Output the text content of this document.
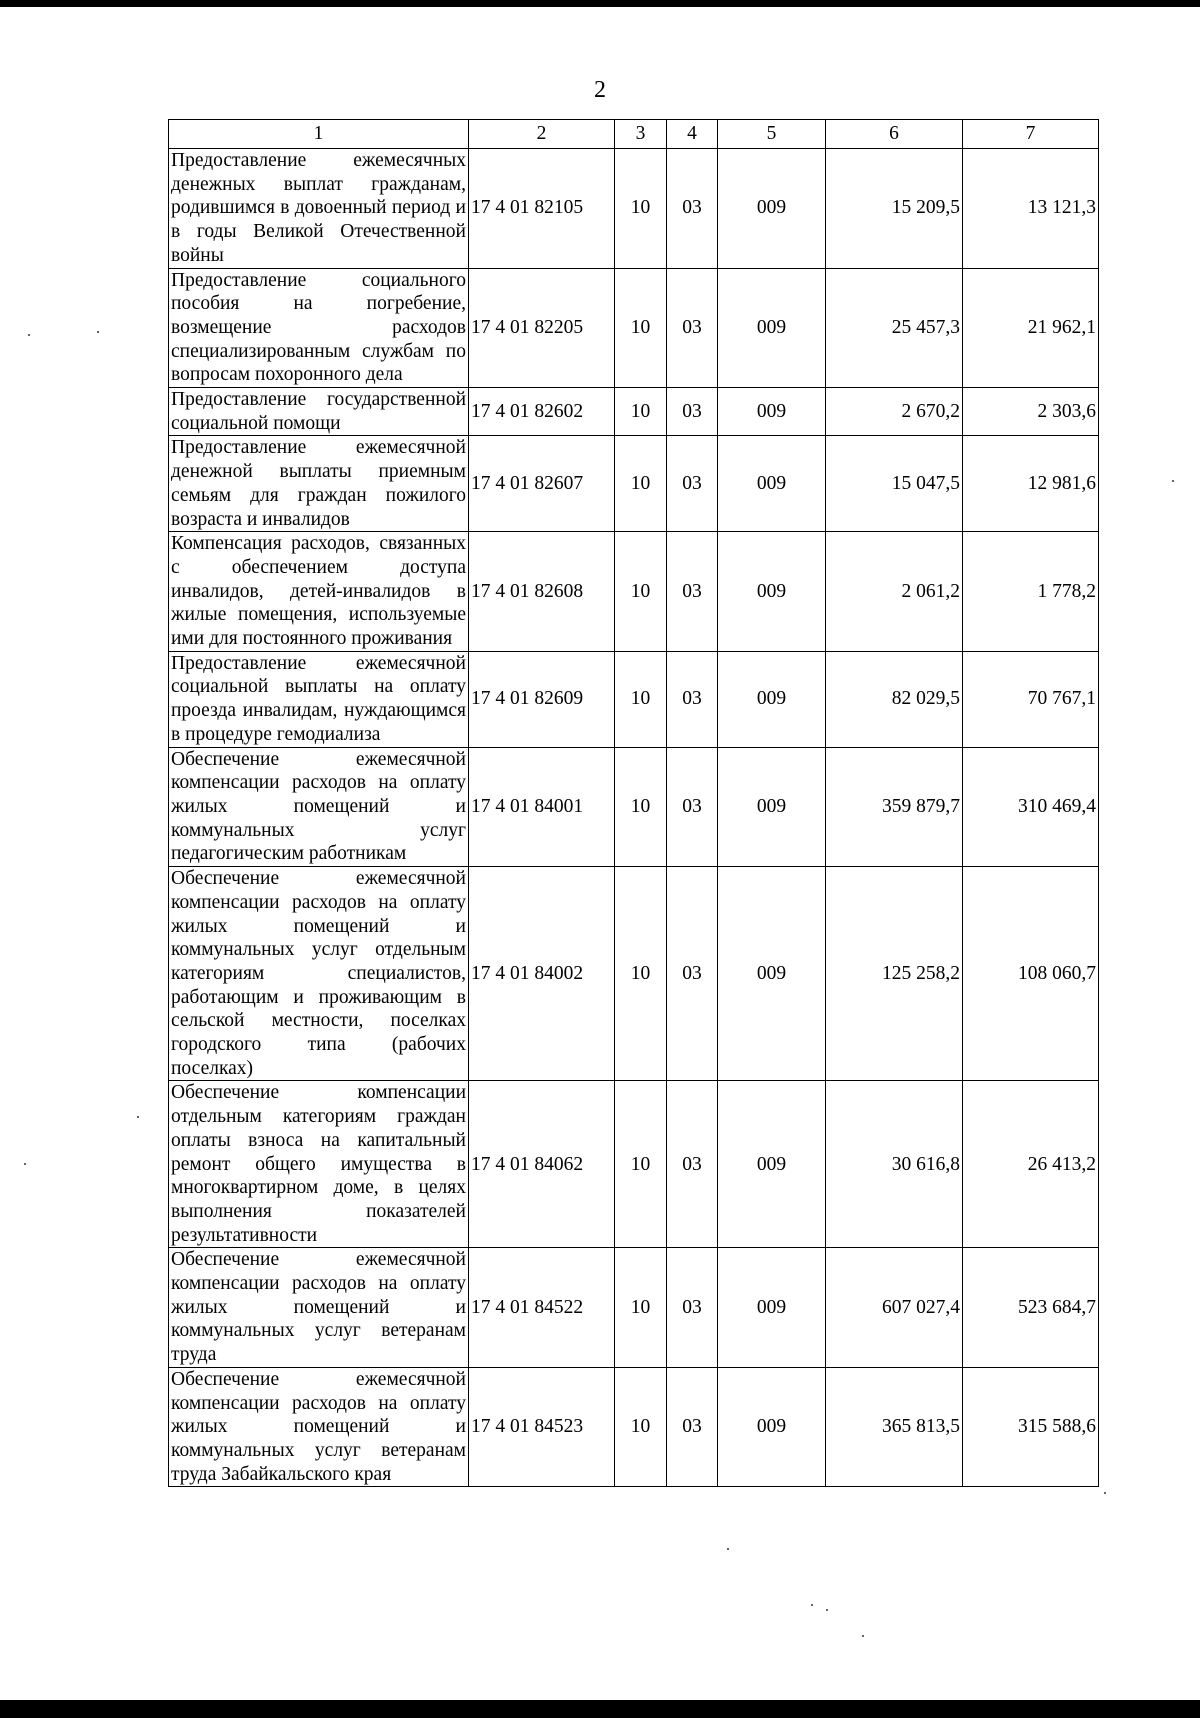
2
1	2	3	4	5	6	7
Предоставление ежемесячных денежных выплат гражданам, родившимся в довоенный период и в годы Великой Отечественной войны	17 4 01 82105	10	03	009	15 209,5	13 121,3
Предоставление социального пособия на погребение, возмещение расходов специализированным службам по вопросам похоронного дела	17 4 01 82205	10	03	009	25 457,3	21 962,1
Предоставление государственной социальной помощи	17 4 01 82602	10	03	009	2 670,2	2 303,6
Предоставление ежемесячной денежной выплаты приемным семьям для граждан пожилого возраста и инвалидов	17 4 01 82607	10	03	009	15 047,5	12 981,6
Компенсация расходов, связанных с обеспечением доступа инвалидов, детей-инвалидов в жилые помещения, используемые ими для постоянного проживания	17 4 01 82608	10	03	009	2 061,2	1 778,2
Предоставление ежемесячной социальной выплаты на оплату проезда инвалидам, нуждающимся в процедуре гемодиализа	17 4 01 82609	10	03	009	82 029,5	70 767,1
Обеспечение ежемесячной компенсации расходов на оплату жилых помещений и коммунальных услуг педагогическим работникам	17 4 01 84001	10	03	009	359 879,7	310 469,4
Обеспечение ежемесячной компенсации расходов на оплату жилых помещений и коммунальных услуг отдельным категориям специалистов, работающим и проживающим в сельской местности, поселках городского типа (рабочих поселках)	17 4 01 84002	10	03	009	125 258,2	108 060,7
Обеспечение компенсации отдельным категориям граждан оплаты взноса на капитальный ремонт общего имущества в многоквартирном доме, в целях выполнения показателей результативности	17 4 01 84062	10	03	009	30 616,8	26 413,2
Обеспечение ежемесячной компенсации расходов на оплату жилых помещений и коммунальных услуг ветеранам труда	17 4 01 84522	10	03	009	607 027,4	523 684,7
Обеспечение ежемесячной компенсации расходов на оплату жилых помещений и коммунальных услуг ветеранам труда Забайкальского края	17 4 01 84523	10	03	009	365 813,5	315 588,6
